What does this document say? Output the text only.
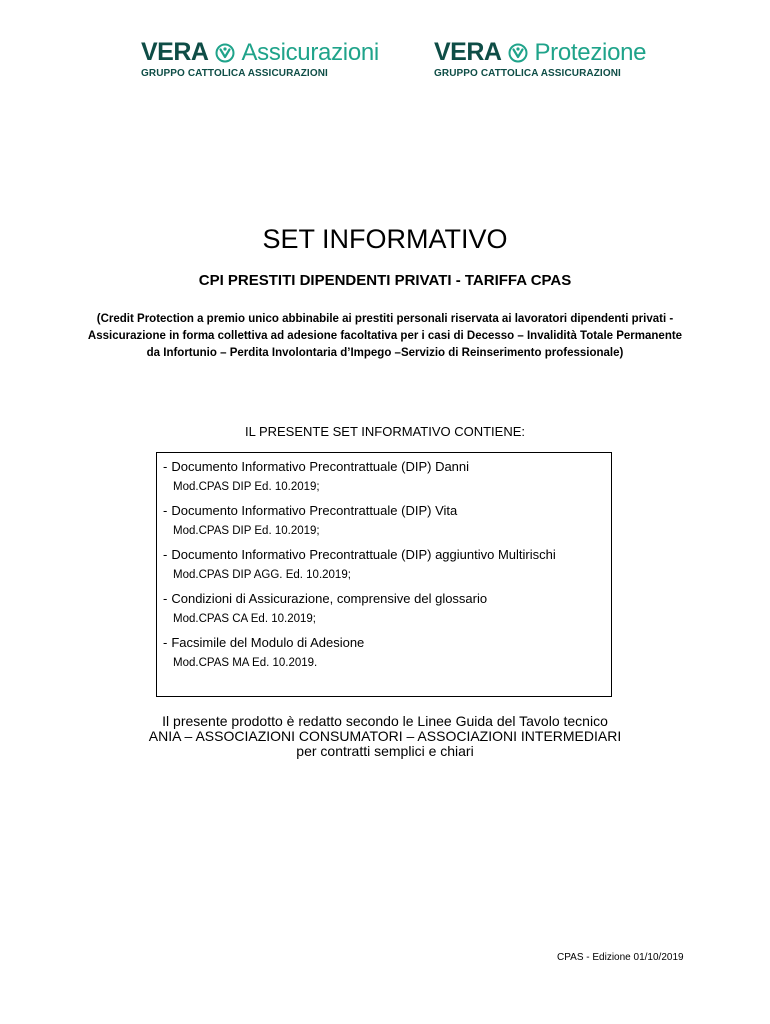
VERA Assicurazioni
GRUPPO CATTOLICA ASSICURAZIONI
VERA Protezione
GRUPPO CATTOLICA ASSICURAZIONI
SET INFORMATIVO
CPI PRESTITI DIPENDENTI PRIVATI - TARIFFA CPAS
(Credit Protection a premio unico abbinabile ai prestiti personali riservata ai lavoratori dipendenti privati - Assicurazione in forma collettiva ad adesione facoltativa per i casi di Decesso – Invalidità Totale Permanente da Infortunio – Perdita Involontaria d’Impego –Servizio di Reinserimento professionale)
IL PRESENTE SET INFORMATIVO CONTIENE:
- Documento Informativo Precontrattuale (DIP) Danni
Mod.CPAS DIP Ed. 10.2019;
- Documento Informativo Precontrattuale (DIP) Vita
Mod.CPAS DIP Ed. 10.2019;
- Documento Informativo Precontrattuale (DIP) aggiuntivo Multirischi
Mod.CPAS DIP AGG. Ed. 10.2019;
- Condizioni di Assicurazione, comprensive del glossario
Mod.CPAS CA Ed. 10.2019;
- Facsimile del Modulo di Adesione
Mod.CPAS MA Ed. 10.2019.
Il presente prodotto è redatto secondo le Linee Guida del Tavolo tecnico
ANIA – ASSOCIAZIONI CONSUMATORI – ASSOCIAZIONI INTERMEDIARI
per contratti semplici e chiari
CPAS - Edizione 01/10/2019
